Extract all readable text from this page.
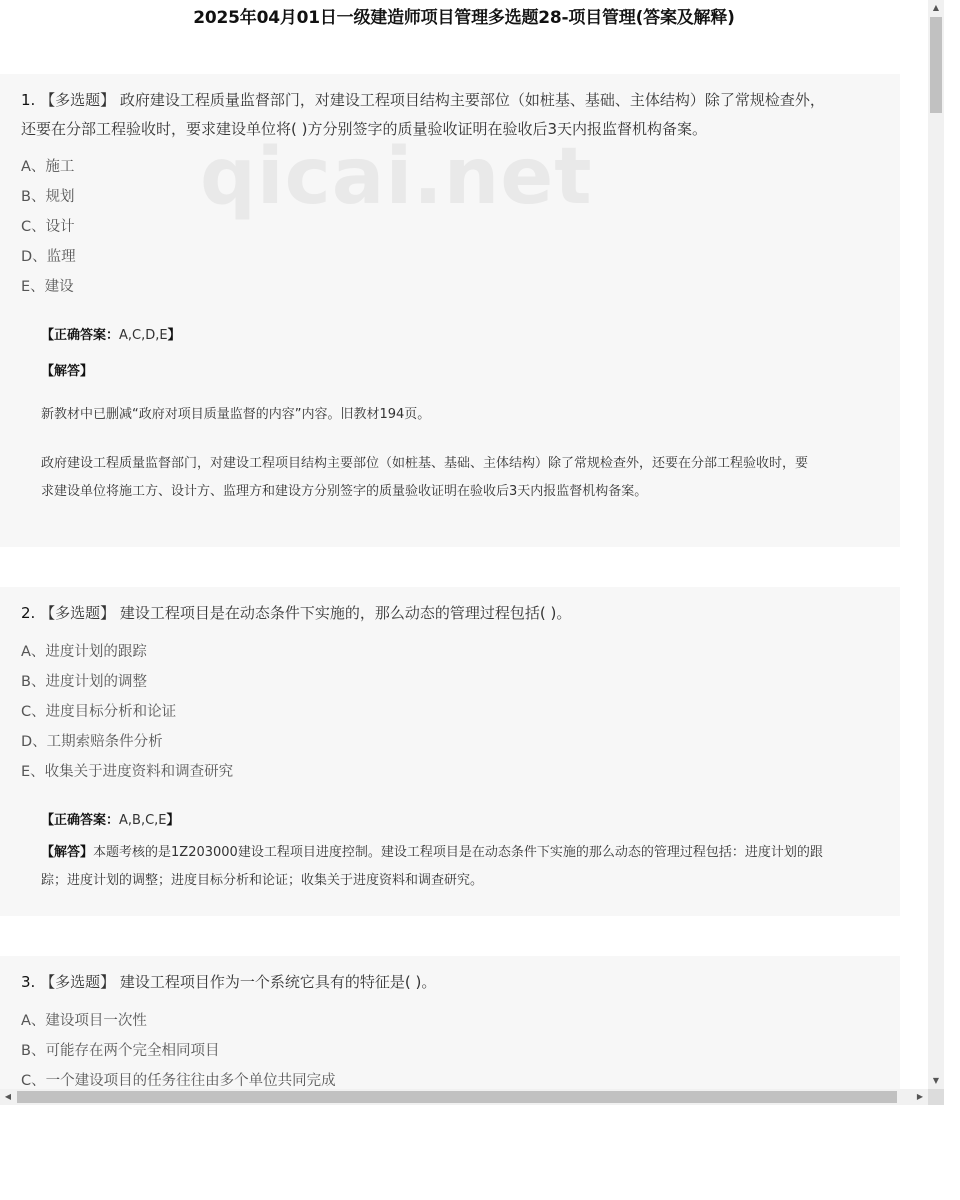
2025年04月01日一级建造师项目管理多选题28-项目管理(答案及解释)
1. 【多选题】 政府建设工程质量监督部门，对建设工程项目结构主要部位（如桩基、基础、主体结构）除了常规检查外，
还要在分部工程验收时，要求建设单位将( )方分别签字的质量验收证明在验收后3天内报监督机构备案。
A、施工
B、规划
C、设计
D、监理
E、建设
【正确答案：A,C,D,E】
【解答】
新教材中已删减“政府对项目质量监督的内容”内容。旧教材194页。
政府建设工程质量监督部门，对建设工程项目结构主要部位（如桩基、基础、主体结构）除了常规检查外，还要在分部工程验收时，要
求建设单位将施工方、设计方、监理方和建设方分别签字的质量验收证明在验收后3天内报监督机构备案。
qicai.net
2. 【多选题】 建设工程项目是在动态条件下实施的，那么动态的管理过程包括( )。
A、进度计划的跟踪
B、进度计划的调整
C、进度目标分析和论证
D、工期索赔条件分析
E、收集关于进度资料和调查研究
【正确答案：A,B,C,E】
【解答】本题考核的是1Z203000建设工程项目进度控制。建设工程项目是在动态条件下实施的那么动态的管理过程包括：进度计划的跟
踪；进度计划的调整；进度目标分析和论证；收集关于进度资料和调查研究。
3. 【多选题】 建设工程项目作为一个系统它具有的特征是( )。
A、建设项目一次性
B、可能存在两个完全相同项目
C、一个建设项目的任务往往由多个单位共同完成
▲
▼
◀	▶
